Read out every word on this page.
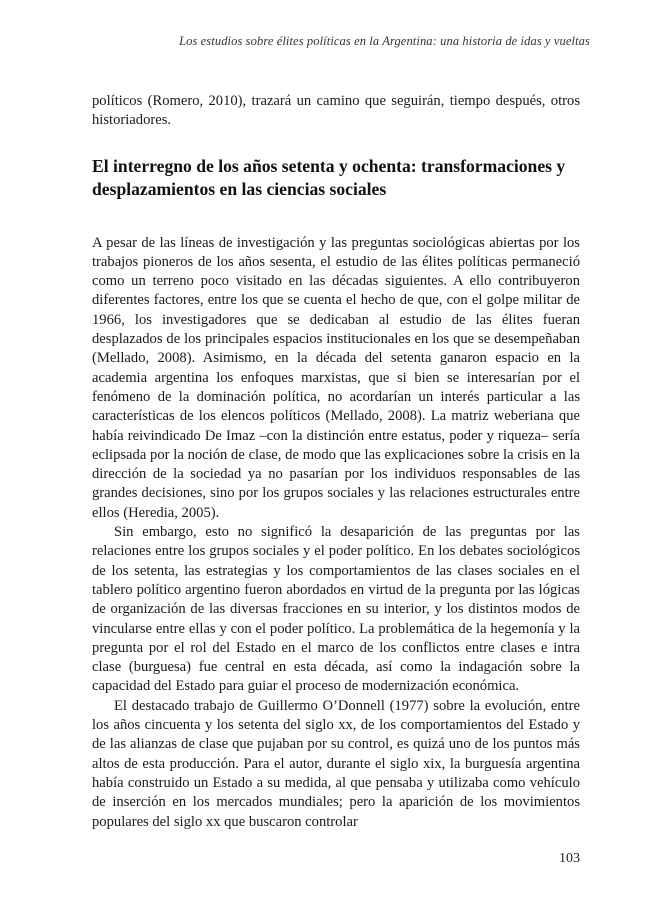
Los estudios sobre élites políticas en la Argentina: una historia de idas y vueltas

políticos (Romero, 2010), trazará un camino que seguirán, tiempo después, otros historiadores.

El interregno de los años setenta y ochenta: transformaciones y desplazamientos en las ciencias sociales

A pesar de las líneas de investigación y las preguntas sociológicas abiertas por los trabajos pioneros de los años sesenta, el estudio de las élites políticas permaneció como un terreno poco visitado en las décadas siguientes. A ello contribuyeron diferentes factores, entre los que se cuenta el hecho de que, con el golpe militar de 1966, los investigadores que se dedicaban al estudio de las élites fueran desplazados de los principales espacios institucionales en los que se desempeñaban (Mellado, 2008). Asimismo, en la década del setenta ganaron espacio en la academia argentina los enfoques marxistas, que si bien se interesarían por el fenómeno de la dominación política, no acordarían un interés particular a las características de los elencos políticos (Mellado, 2008). La matriz weberiana que había reivindicado De Imaz –con la distinción entre estatus, poder y riqueza– sería eclipsada por la noción de clase, de modo que las explicaciones sobre la crisis en la dirección de la sociedad ya no pasarían por los individuos responsables de las grandes decisiones, sino por los grupos sociales y las relaciones estructurales entre ellos (Heredia, 2005).

Sin embargo, esto no significó la desaparición de las preguntas por las relaciones entre los grupos sociales y el poder político. En los debates sociológicos de los setenta, las estrategias y los comportamientos de las clases sociales en el tablero político argentino fueron abordados en virtud de la pregunta por las lógicas de organización de las diversas fracciones en su interior, y los distintos modos de vincularse entre ellas y con el poder político. La problemática de la hegemonía y la pregunta por el rol del Estado en el marco de los conflictos entre clases e intra clase (burguesa) fue central en esta década, así como la indagación sobre la capacidad del Estado para guiar el proceso de modernización económica.

El destacado trabajo de Guillermo O’Donnell (1977) sobre la evolución, entre los años cincuenta y los setenta del siglo xx, de los comportamientos del Estado y de las alianzas de clase que pujaban por su control, es quizá uno de los puntos más altos de esta producción. Para el autor, durante el siglo xix, la burguesía argentina había construido un Estado a su medida, al que pensaba y utilizaba como vehículo de inserción en los mercados mundiales; pero la aparición de los movimientos populares del siglo xx que buscaron controlar

103
